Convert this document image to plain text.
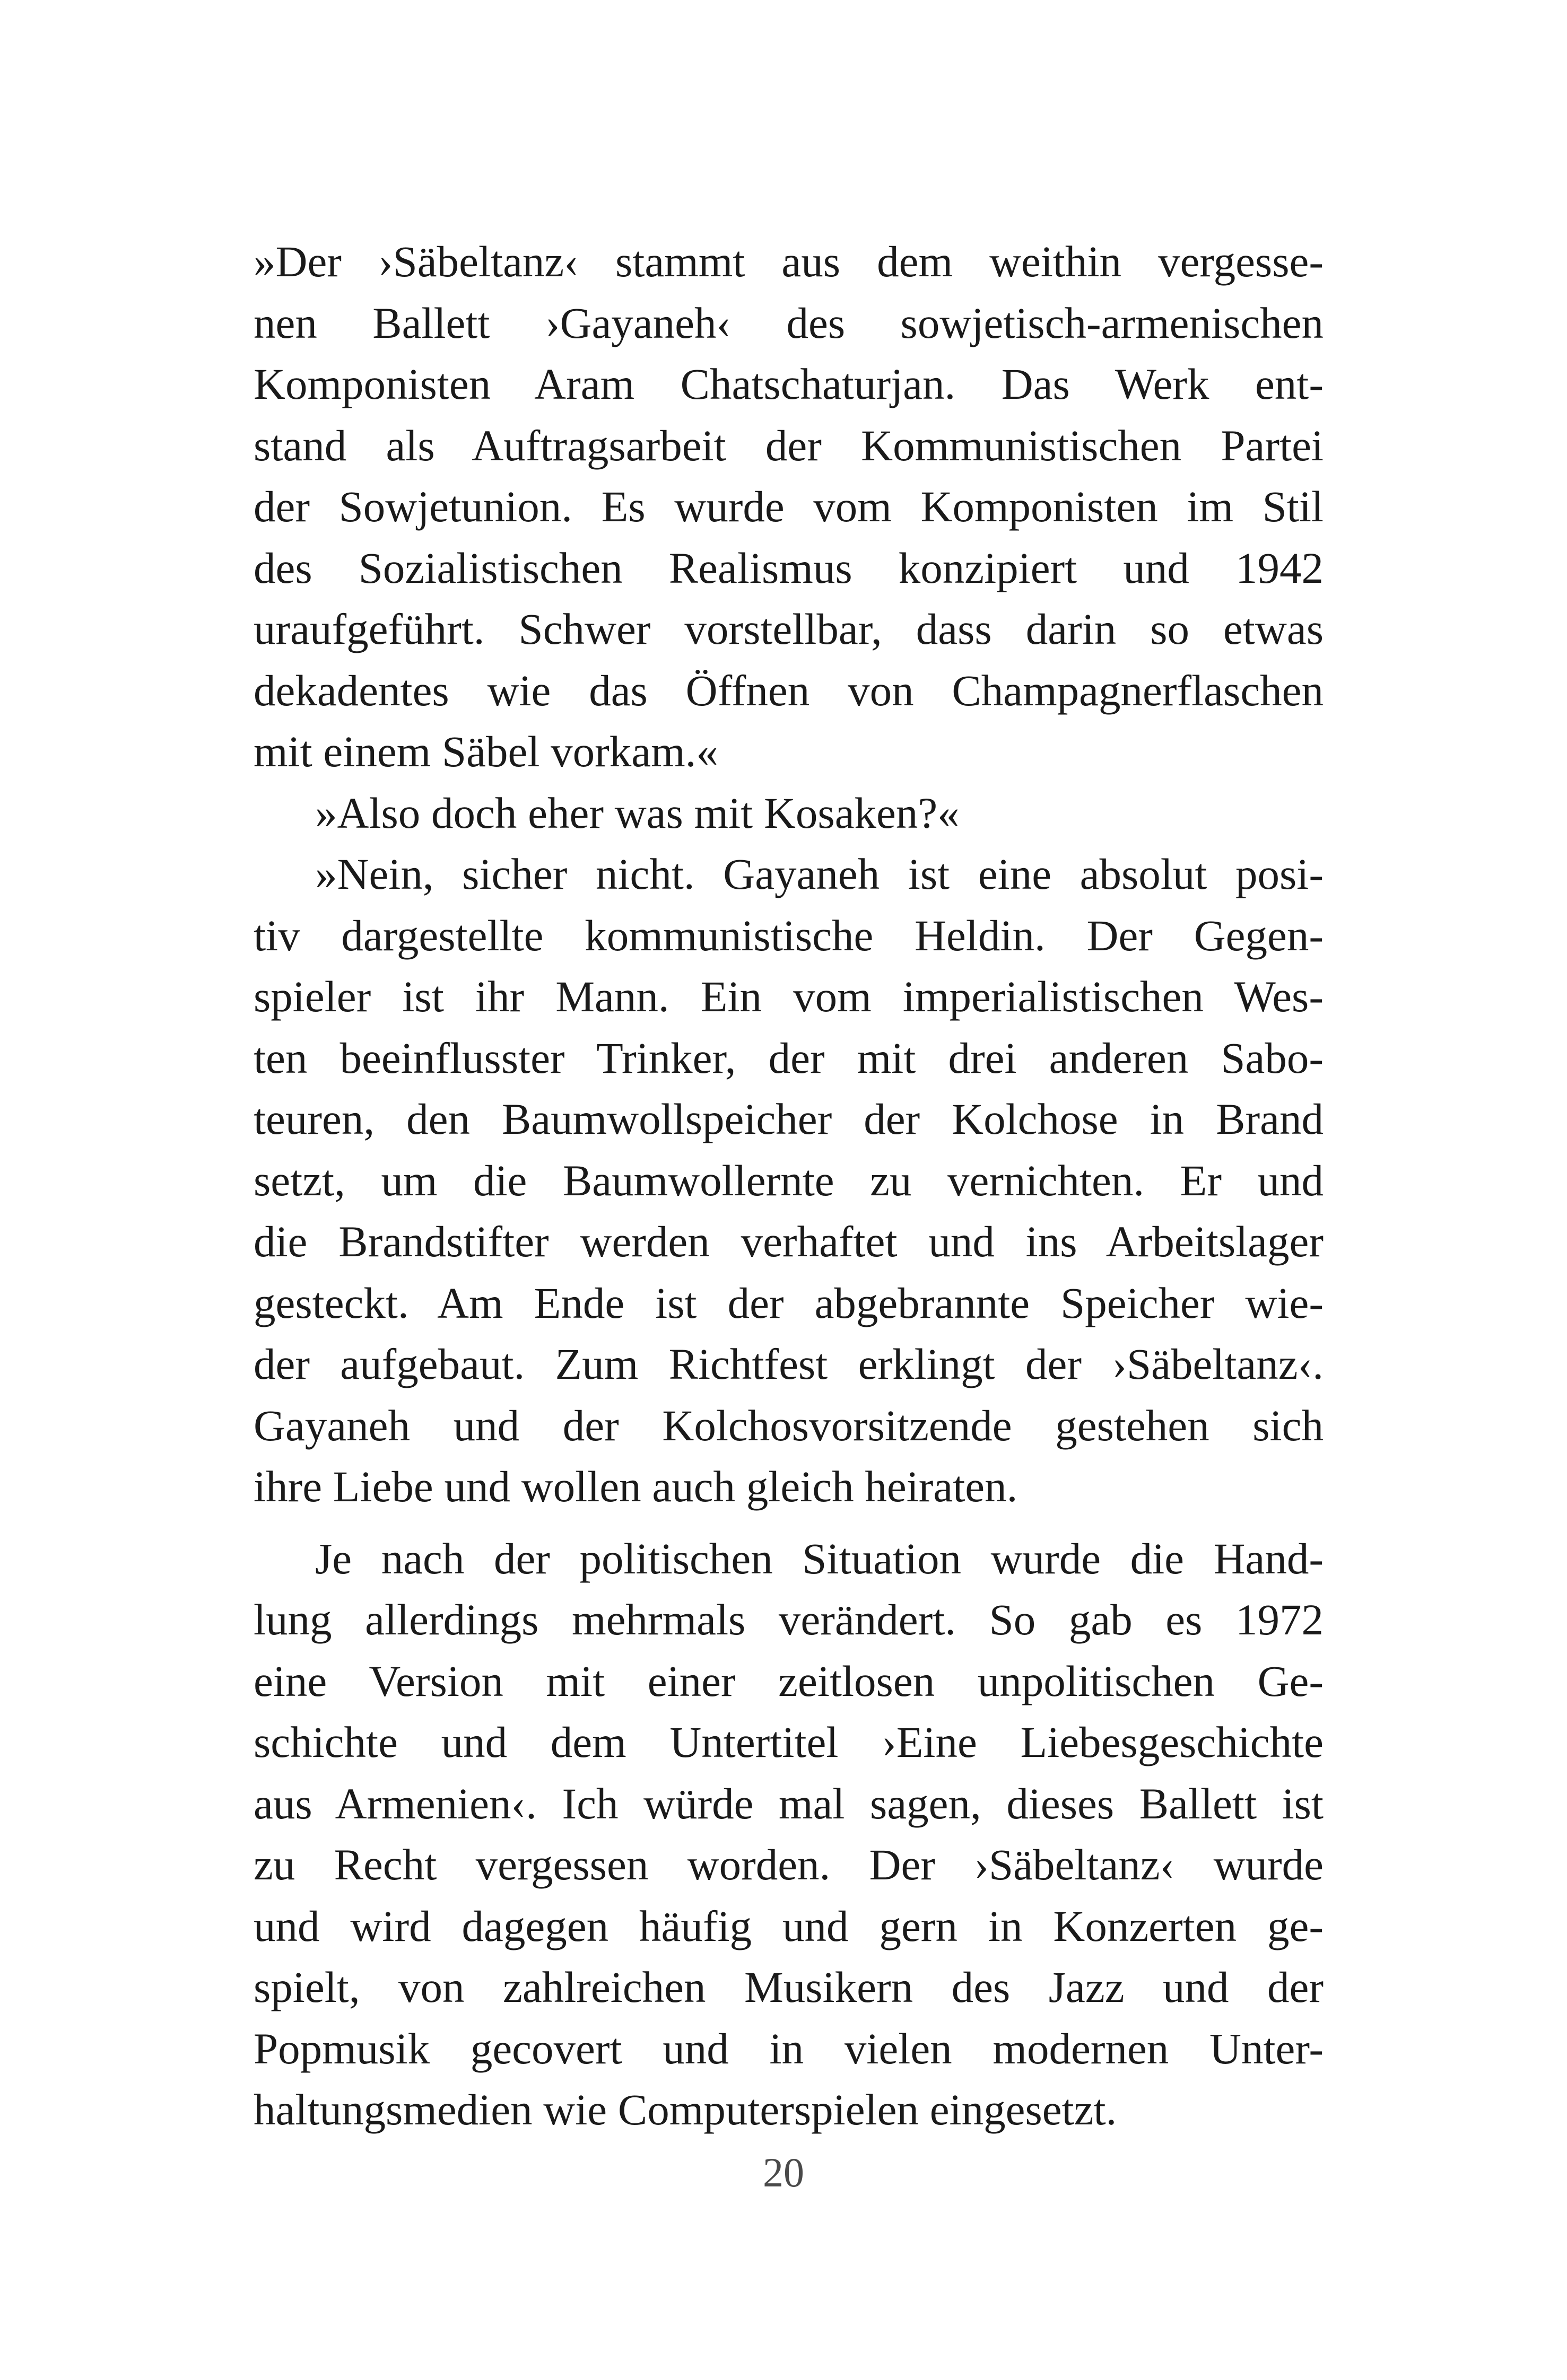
»Der ›Säbeltanz‹ stammt aus dem weithin vergesse-
nen Ballett ›Gayaneh‹ des sowjetisch-armenischen
Komponisten Aram Chatschaturjan. Das Werk ent-
stand als Auftragsarbeit der Kommunistischen Partei
der Sowjetunion. Es wurde vom Komponisten im Stil
des Sozialistischen Realismus konzipiert und 1942
uraufgeführt. Schwer vorstellbar, dass darin so etwas
dekadentes wie das Öffnen von Champagnerflaschen
mit einem Säbel vorkam.«
»Also doch eher was mit Kosaken?«
»Nein, sicher nicht. Gayaneh ist eine absolut posi-
tiv dargestellte kommunistische Heldin. Der Gegen-
spieler ist ihr Mann. Ein vom imperialistischen Wes-
ten beeinflusster Trinker, der mit drei anderen Sabo-
teuren, den Baumwollspeicher der Kolchose in Brand
setzt, um die Baumwollernte zu vernichten. Er und
die Brandstifter werden verhaftet und ins Arbeitslager
gesteckt. Am Ende ist der abgebrannte Speicher wie-
der aufgebaut. Zum Richtfest erklingt der ›Säbeltanz‹.
Gayaneh und der Kolchosvorsitzende gestehen sich
ihre Liebe und wollen auch gleich heiraten.
Je nach der politischen Situation wurde die Hand-
lung allerdings mehrmals verändert. So gab es 1972
eine Version mit einer zeitlosen unpolitischen Ge-
schichte und dem Untertitel ›Eine Liebesgeschichte
aus Armenien‹. Ich würde mal sagen, dieses Ballett ist
zu Recht vergessen worden. Der ›Säbeltanz‹ wurde
und wird dagegen häufig und gern in Konzerten ge-
spielt, von zahlreichen Musikern des Jazz und der
Popmusik gecovert und in vielen modernen Unter-
haltungsmedien wie Computerspielen eingesetzt.
20
